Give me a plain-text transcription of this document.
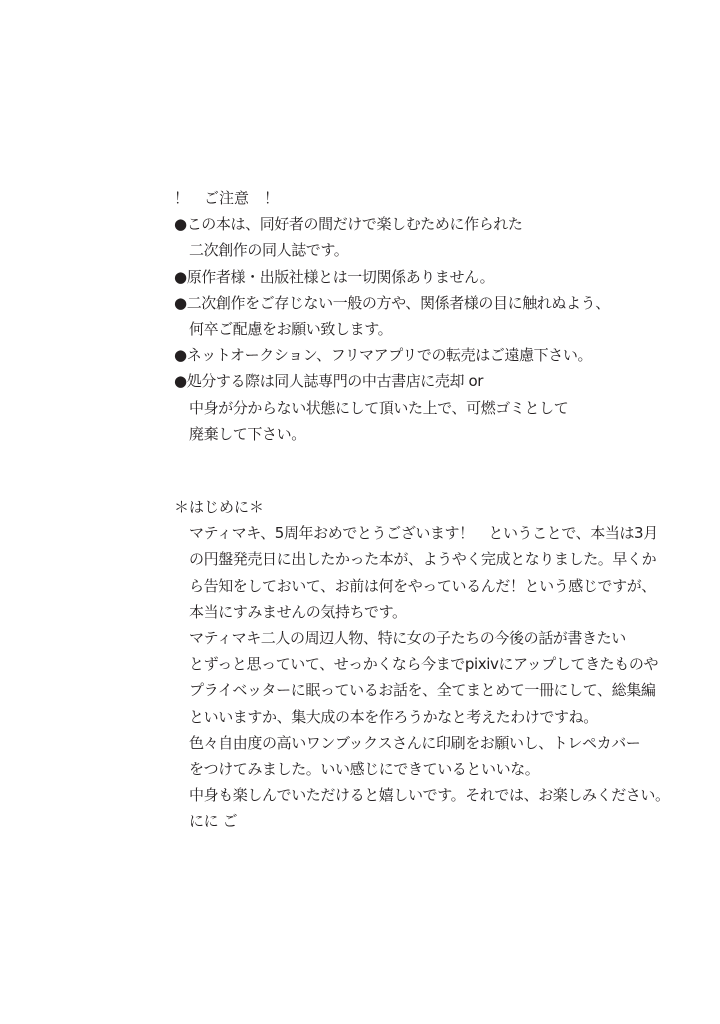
！　ご注意　！
●この本は、同好者の間だけで楽しむために作られた
二次創作の同人誌です。
●原作者様・出版社様とは一切関係ありません。
●二次創作をご存じない一般の方や、関係者様の目に触れぬよう、
何卒ご配慮をお願い致します。
●ネットオークション、フリマアプリでの転売はご遠慮下さい。
●処分する際は同人誌専門の中古書店に売却 or
中身が分からない状態にして頂いた上で、可燃ゴミとして
廃棄して下さい。
＊はじめに＊
マティマキ、5周年おめでとうございます！　ということで、本当は3月
の円盤発売日に出したかった本が、ようやく完成となりました。早くか
ら告知をしておいて、お前は何をやっているんだ！という感じですが、
本当にすみませんの気持ちです。
マティマキ二人の周辺人物、特に女の子たちの今後の話が書きたい
とずっと思っていて、せっかくなら今までpixivにアップしてきたものや
プライベッターに眠っているお話を、全てまとめて一冊にして、総集編
といいますか、集大成の本を作ろうかなと考えたわけですね。
色々自由度の高いワンブックスさんに印刷をお願いし、トレペカバー
をつけてみました。いい感じにできているといいな。
中身も楽しんでいただけると嬉しいです。それでは、お楽しみください。
にに ご
